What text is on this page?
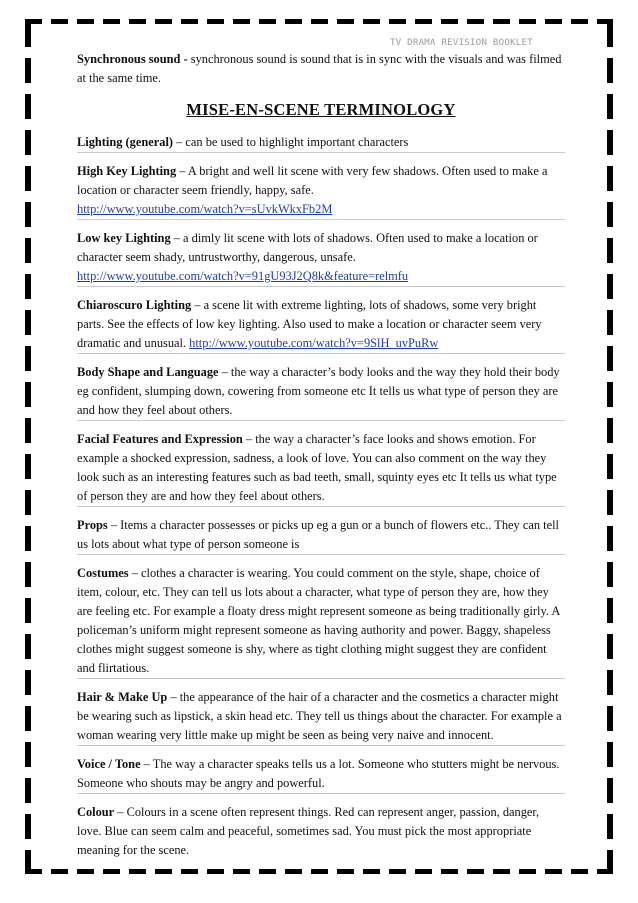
TV DRAMA REVISION BOOKLET

Synchronous sound - synchronous sound is sound that is in sync with the visuals and was filmed at the same time.

MISE-EN-SCENE TERMINOLOGY

Lighting (general) – can be used to highlight important characters

High Key Lighting – A bright and well lit scene with very few shadows. Often used to make a location or character seem friendly, happy, safe.
http://www.youtube.com/watch?v=sUvkWkxFb2M

Low key Lighting – a dimly lit scene with lots of shadows. Often used to make a location or character seem shady, untrustworthy, dangerous, unsafe.
http://www.youtube.com/watch?v=91gU93J2Q8k&feature=relmfu

Chiaroscuro Lighting – a scene lit with extreme lighting, lots of shadows, some very bright parts. See the effects of low key lighting. Also used to make a location or character seem very dramatic and unusual. http://www.youtube.com/watch?v=9SlH_uvPuRw

Body Shape and Language – the way a character’s body looks and the way they hold their body eg confident, slumping down, cowering from someone etc It tells us what type of person they are and how they feel about others.

Facial Features and Expression – the way a character’s face looks and shows emotion. For example a shocked expression, sadness, a look of love. You can also comment on the way they look such as an interesting features such as bad teeth, small, squinty eyes etc It tells us what type of person they are and how they feel about others.

Props – Items a character possesses or picks up eg a gun or a bunch of flowers etc.. They can tell us lots about what type of person someone is

Costumes – clothes a character is wearing. You could comment on the style, shape, choice of item, colour, etc. They can tell us lots about a character, what type of person they are, how they are feeling etc. For example a floaty dress might represent someone as being traditionally girly. A policeman’s uniform might represent someone as having authority and power. Baggy, shapeless clothes might suggest someone is shy, where as tight clothing might suggest they are confident and flirtatious.

Hair & Make Up – the appearance of the hair of a character and the cosmetics a character might be wearing such as lipstick, a skin head etc. They tell us things about the character. For example a woman wearing very little make up might be seen as being very naive and innocent.

Voice / Tone – The way a character speaks tells us a lot. Someone who stutters might be nervous. Someone who shouts may be angry and powerful.

Colour – Colours in a scene often represent things. Red can represent anger, passion, danger, love. Blue can seem calm and peaceful, sometimes sad. You must pick the most appropriate meaning for the scene.
